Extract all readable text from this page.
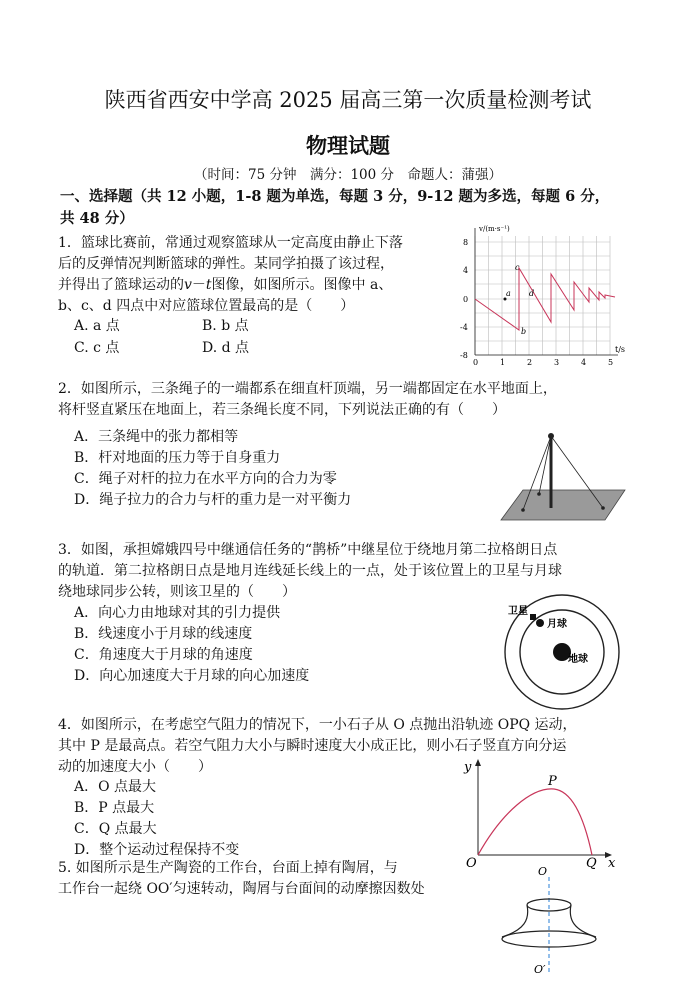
陕西省西安中学高 2025 届高三第一次质量检测考试
物理试题
（时间：75 分钟　满分：100 分　命题人：蒲强）
一、选择题（共 12 小题，1-8 题为单选，每题 3 分，9-12 题为多选，每题 6 分，
共 48 分）
1．篮球比赛前，常通过观察篮球从一定高度由静止下落
后的反弹情况判断篮球的弹性。某同学拍摄了该过程，
并得出了篮球运动的𝑣－𝑡图像，如图所示。图像中 a、
b、c、d 四点中对应篮球位置最高的是（　　）
A. a 点	B. b 点
C. c 点	D. d 点
v/(m·s⁻¹)
t/s
8
4
0
-4
-8
0	1	2	3	4	5
a
b
c
d
2．如图所示，三条绳子的一端都系在细直杆顶端，另一端都固定在水平地面上，
将杆竖直紧压在地面上，若三条绳长度不同，下列说法正确的有（　　）
A．三条绳中的张力都相等
B．杆对地面的压力等于自身重力
C．绳子对杆的拉力在水平方向的合力为零
D．绳子拉力的合力与杆的重力是一对平衡力
3．如图，承担嫦娥四号中继通信任务的“鹊桥”中继星位于绕地月第二拉格朗日点
的轨道．第二拉格朗日点是地月连线延长线上的一点，处于该位置上的卫星与月球
绕地球同步公转，则该卫星的（　　）
A．向心力由地球对其的引力提供
B．线速度小于月球的线速度
C．角速度大于月球的角速度
D．向心加速度大于月球的向心加速度
卫星
月球
地球
4．如图所示，在考虑空气阻力的情况下，一小石子从 O 点抛出沿轨迹 OPQ 运动，
其中 P 是最高点。若空气阻力大小与瞬时速度大小成正比，则小石子竖直方向分运
动的加速度大小（　　）
A．O 点最大
B．P 点最大
C．Q 点最大
D．整个运动过程保持不变
y
P
O	Q x
5. 如图所示是生产陶瓷的工作台，台面上掉有陶屑，与
工作台一起绕 OO′匀速转动，陶屑与台面间的动摩擦因数处
O
O′
